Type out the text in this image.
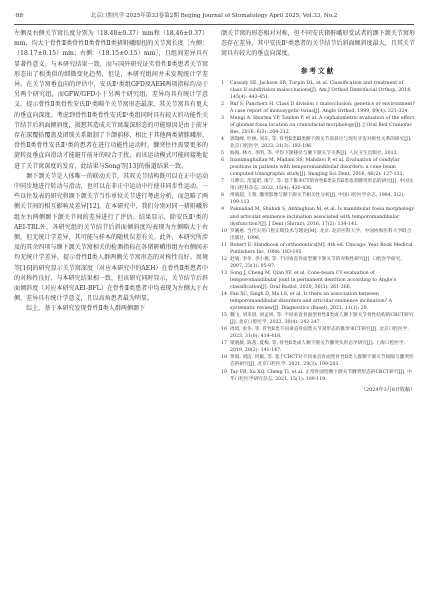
·88·	北京口腔医学 2025年第33卷第2期 Beijing Journal of Stomatology April 2025, Vol.33, No.2

左侧及右侧关节窝长度分别为（18.48±0.37）mm和（18.46±0.37）mm，均大于骨性Ⅱ类骨性Ⅱ类骨性Ⅱ类猪鼾峨眼扭的关节窝长度［左侧：（18.17±0.15）mm；右侧：（18.15±0.15）mm］，且组间差异具有显著性意义。与本研究结果一致，而与国外研究证实骨性Ⅱ类患者关节窝形态出了相类似的细微变化趋势，但是，本研究组间并未发现统计学差异。在关节窝垂直向的评估中，安氏Ⅱ¹类组GFD及AEH两项指标均高于另两个研究组，而GFW/GFD小于另两个研究组，差异均具有统计学意义，提示骨性Ⅱ类骨性安氏Ⅱ¹类畸个关节窝形态最深，其关节窝具有更大的垂直向深度。考虑到骨性Ⅱ类骨性安氏Ⅱ¹类组同时具有较大的功能性关节结节后斜面倾斜度，损想其造成关节窝凝深形态的可能原因是由于前牙存在深覆拾覆盖及闭锁关系限制了下颌前移，相比于其他两类猪豚峨形，骨性Ⅱ类骨性安氏Ⅱ¹类的患者在进行功能性运动时，髁突往往需要更多的旋转及垂直向滑动才能避开前牙的咬合干扰，而该运动模式可能间接地促进了关节窝深度的发育，此结果与Song等[13]的报道结果一致。

颞下颌关节是人体唯一的联动关节，其双关节结构既可以在正中运动中同步地进行转动与滑动，也可以在非正中运动中行使非同步性运动。一些以往发表的研究将颞下颌关节当作单位关节进行考虑分析，而忽略了两侧关节间的相互影响及差异[12]。在本研究中，我们分别对同一猪鼾峨形组左右两侧颞下颌关节间的差异进行了评估。结果显示，除安氏Ⅱ¹类的AEI-TRL外，各研究组的关节结节后斜面倾斜度均表现为左侧略大于右侧，但无统计学差异，其可能与样本的随机误差有关。此外，本研究所涉及的其余四项与颞下颌关节窝相关的检测指标在各猪鼾峨形组左右侧间亦均无统计学差异，提示骨性Ⅱ类人群两侧关节窝形态的对称性良好。周境等[16]的研究显示关节窝深度（对应本研究中的AEH）在骨性Ⅱ类患者中的对称性良好，与本研究结果相一致，但该研究同时显示，关节结节后斜面倾斜度（对应本研究AEI-BFL）在骨性Ⅱ类患者中均表现为左侧大于右侧，差异具有统计学意义，且以高角患者最为明显。

综上，基于本研究发现骨性Ⅱ类人群两侧颞下

颌关节窝的形态相对对称，但不同安氏猪鼾峨形受试者的颞下颌关节窝形态存在差异，其中安氏Ⅱ¹类患者的关节结节后斜面倾斜度最大，且其关节窝具有较大的垂直向深度。

参考文献
1	Cassidy SE, Jackson SR, Turpin DL, et al. Classification and treatment of class II subdivision malocclusions[J]. Am J Orthod Dentofacial Orthop, 2014, 145(4): 443-451.
2	Ruf S, Pancherz H. Class II division 1 malocclusion: genetics or environment? A case report of monozygotic twins[J]. Angle Orthod, 1999, 69(4): 321-324.
3	Mengi A, Sharma VP, Tandon P, et al. A cephalometric evaluation of the effect of gliomid fossa location on craniofacial morphology[J]. J Oral Biol Craniofac Res, 2016, 6(3): 204-212.
4	郭瑞峰, 叶林, 刘东, 等. 骨性Ⅱ类Ⅲ类颞下颌关节前斜位与现有牙齿对称性关系的研究[J]. 北京口腔医学, 2023, 31(3): 193-196.
5	杨海, 林力, 李明, 等. 平均下颌移位与颞下颌关节关系[J]. 人民卫生出版社, 2012.
6	Inanimughullan M, Madani SS, Mahdavi P, et al. Evaluation of condylar positions in patients with temporomandibular disorders: a cone-beam computed tomographic study[J]. Imaging Sci Dent, 2016, 46(2): 127-131.
7	马晔宗, 范曼珺, 康宁, 等. 基于锥束CT的骨性Ⅱ类安氏Ⅱ类患者髁突形态的研究[J]. 中国实用口腔科杂志, 2022, 15(4): 430-436.
8	佟娟超, 王蓉. 髁突影像与颞下颌关节相关性分析[J]. 中国口腔医学杂志, 1984, 3(2): 109-113.
9	Paknahad M, Shahidi S, Akhlaghian M, et al. Is mandibular fossa morphology and articular eminence inclination associated with temporomandibular dysfunction?[J]. J Dent (Shiraz), 2016, 17(2): 134-141.
10 罗湘惠. 当代实用口腔正畸技术与理论[M]. 北京: 北京医科大学、中国协和医科大学联合出版社, 1996.
11 Robert E. Handbook of orthodontics[M]. 4th ed. Chicago: Year Book Medical Publishers Inc, 1988: 183-195.
12 赵娟, 李冬, 李小燕, 等. 不同垂直骨面型颞下颌关节的对称性研究[J]. 口腔医学研究, 2007, 23(1): 95-97.
13 Song J, Cheng M, Qian YF, et al. Cone-beam CT evaluation of temporomandibular joint in permanent dentition according to Angle's classification[J]. Oral Radiol, 2020, 36(3): 261-266.
14 Fan XC, Singh D, Ma LS, et al. Is there an association between temporomandibular disorders and articular eminence inclination? A systematic review[J]. Diagnostics (Basel), 2021, 11(1): 29.
15 魏飞, 刘禾晨, 刘孟妍, 等. 不同垂直骨面型骨性Ⅱ类成人颞下颌关节骨性结构的CBCT研究[J]. 北京口腔医学, 2022, 30(4): 242-247.
16 周境, 张冬, 等. 骨性Ⅱ类不同垂直骨面型关节窝形态的锥形束CT研究[J]. 北京口腔医学, 2023, 31(6): 414-418.
17 梁晓敏, 陈茜, 夏梅, 等. 骨性Ⅱ类成人颞下颌关节髁突头形态学研究[J]. 上海口腔医学, 2019, 28(2): 141-147.
18 黄圆, 刘洁, 何颖, 等. 基于CBCT对不同垂直骨面型骨性Ⅱ类人群颞下颌关节间隙与髁突形态的研究[J]. 北京口腔医学, 2021, 29(3): 199-203.
19 Tay FR, Xu XQ, Cheng Ti, et al. 正常骨面型颞下颌关节髁突形态的CBCT研究[J]. 中华口腔医学研究杂志, 2021, 15(1): 109-119.
（2024年3月6日收稿）
